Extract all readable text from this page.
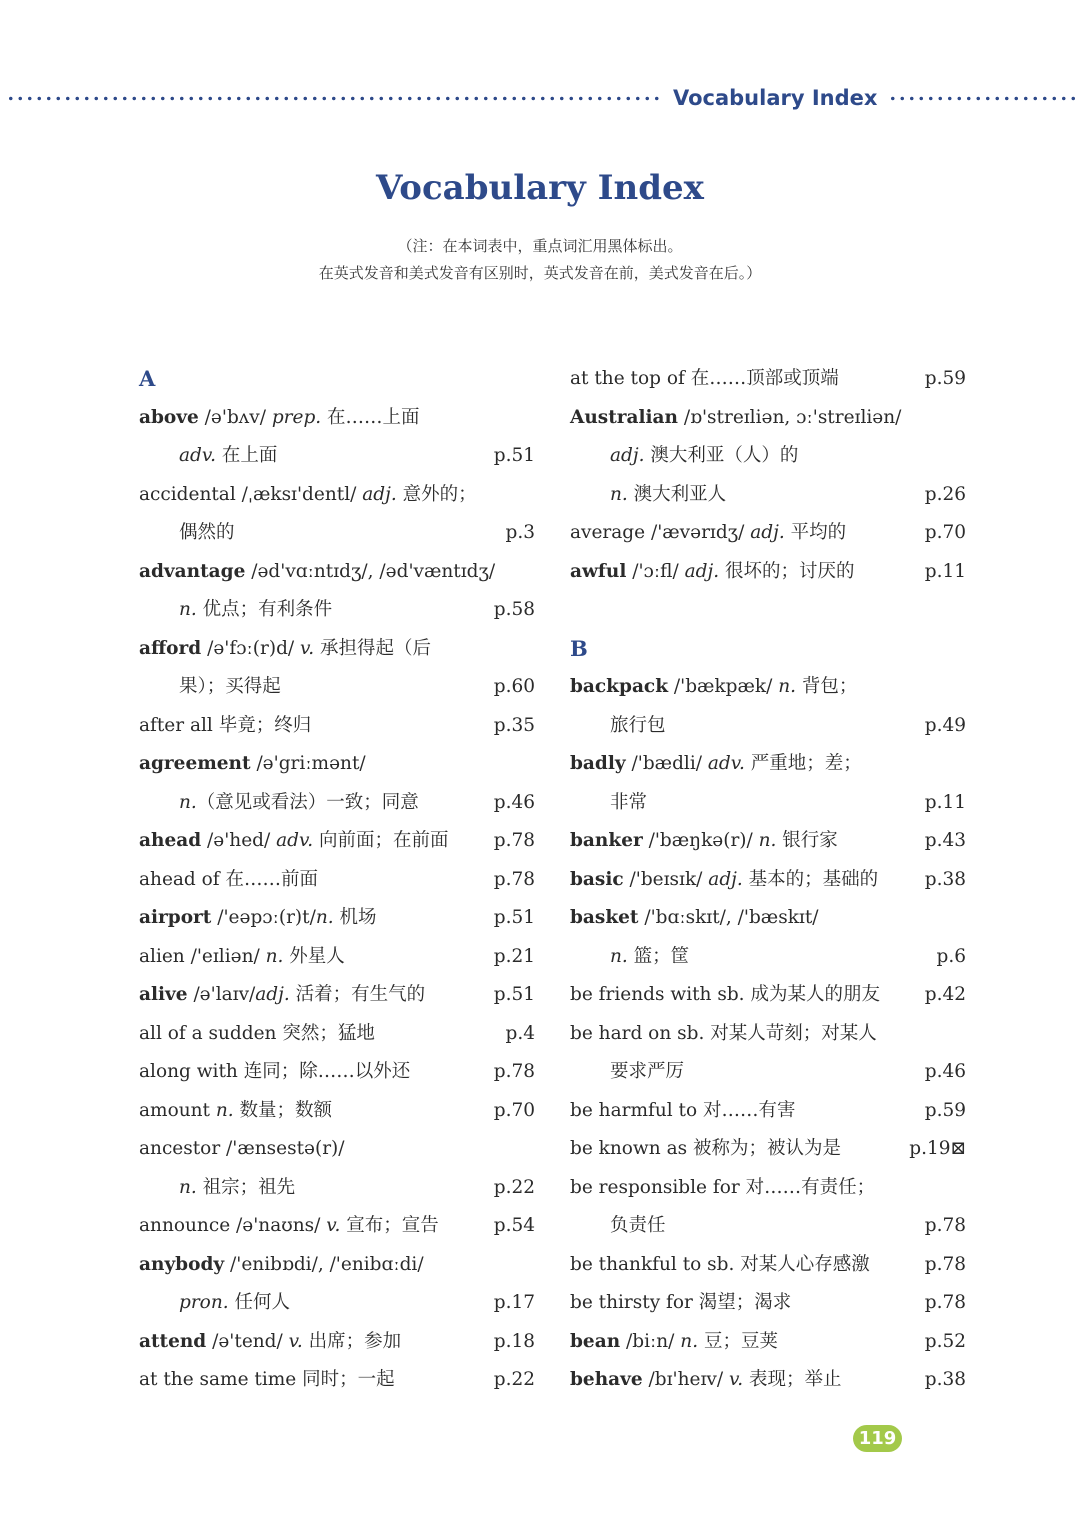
Vocabulary Index
Vocabulary Index
（注：在本词表中，重点词汇用黑体标出。
在英式发音和美式发音有区别时，英式发音在前，美式发音在后。）
A
above /ə'bʌv/ prep. 在……上面
adv. 在上面	p.51
accidental /ˌæksɪ'dentl/ adj. 意外的；
偶然的	p.3
advantage /əd'vɑːntɪdʒ/, /əd'væntɪdʒ/
n. 优点；有利条件	p.58
afford /ə'fɔː(r)d/ v. 承担得起（后
果）；买得起	p.60
after all 毕竟；终归	p.35
agreement /ə'griːmənt/
n.（意见或看法）一致；同意	p.46
ahead /ə'hed/ adv. 向前面；在前面 p.78
ahead of 在……前面	p.78
airport /'eəpɔː(r)t/n. 机场	p.51
alien /'eɪliən/ n. 外星人	p.21
alive /ə'laɪv/adj. 活着；有生气的	p.51
all of a sudden 突然；猛地	p.4
along with 连同；除……以外还	p.78
amount n. 数量；数额	p.70
ancestor /'ænsestə(r)/
n. 祖宗；祖先	p.22
announce /ə'naʊns/ v. 宣布；宣告	p.54
anybody /'enibɒdi/, /'enibɑːdi/
pron. 任何人	p.17
attend /ə'tend/ v. 出席；参加	p.18
at the same time 同时；一起	p.22
at the top of 在……顶部或顶端	p.59
Australian /ɒ'streɪliən, ɔː'streɪliən/
adj. 澳大利亚（人）的
n. 澳大利亚人	p.26
average /'ævərɪdʒ/ adj. 平均的	p.70
awful /'ɔːfl/ adj. 很坏的；讨厌的	p.11
B
backpack /'bækpæk/ n. 背包；
旅行包	p.49
badly /'bædli/ adv. 严重地；差；
非常	p.11
banker /'bæŋkə(r)/ n. 银行家	p.43
basic /'beɪsɪk/ adj. 基本的；基础的	p.38
basket /'bɑːskɪt/, /'bæskɪt/
n. 篮；筐	p.6
be friends with sb. 成为某人的朋友 p.42
be hard on sb. 对某人苛刻；对某人
要求严厉	p.46
be harmful to 对……有害	p.59
be known as 被称为；被认为是	p.19⊠
be responsible for 对……有责任；
负责任	p.78
be thankful to sb. 对某人心存感激	p.78
be thirsty for 渴望；渴求	p.78
bean /biːn/ n. 豆；豆荚	p.52
behave /bɪ'heɪv/ v. 表现；举止	p.38
119
